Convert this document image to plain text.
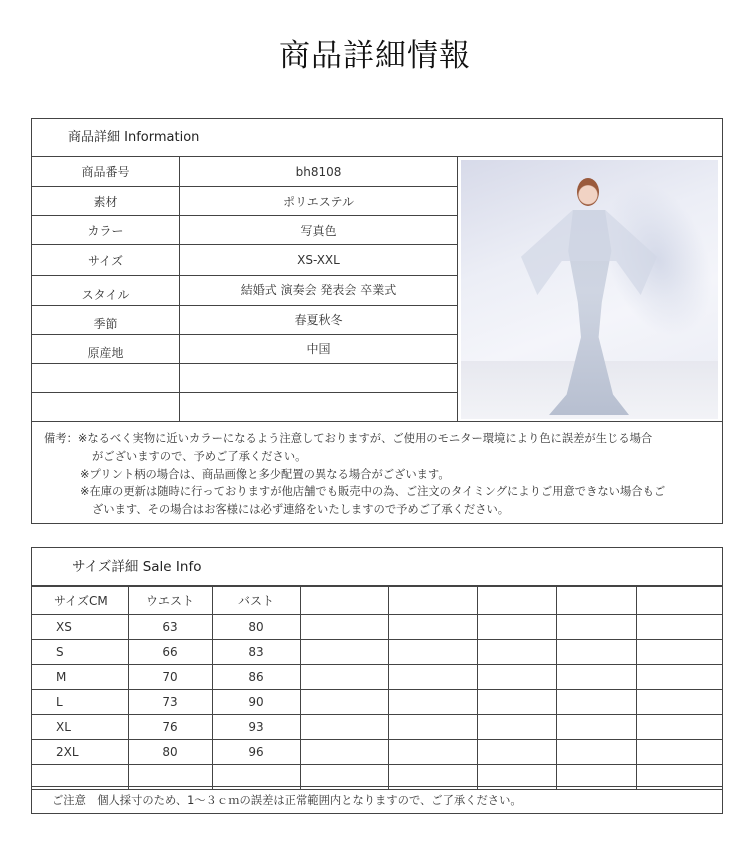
商品詳細情報
商品詳細 Information
商品番号	bh8108
素材	ポリエステル
カラー	写真色
サイズ	XS-XXL
スタイル	結婚式 演奏会 発表会 卒業式
季節	春夏秋冬
原産地	中国
備考：※なるべく実物に近いカラーになるよう注意しておりますが、ご使用のモニター環境により色に誤差が生じる場合
がございますので、予めご了承ください。
※プリント柄の場合は、商品画像と多少配置の異なる場合がございます。
※在庫の更新は随時に行っておりますが他店舗でも販売中の為、ご注文のタイミングによりご用意できない場合もご
ざいます、その場合はお客様には必ず連絡をいたしますので予めご了承ください。
サイズ詳細 Sale Info
サイズCM	ウエスト	バスト					
XS	63	80					
S	66	83					
M	70	86					
L	73	90					
XL	76	93					
2XL	80	96					

ご注意　個人採寸のため、1～３ｃｍの誤差は正常範囲内となりますので、ご了承ください。
